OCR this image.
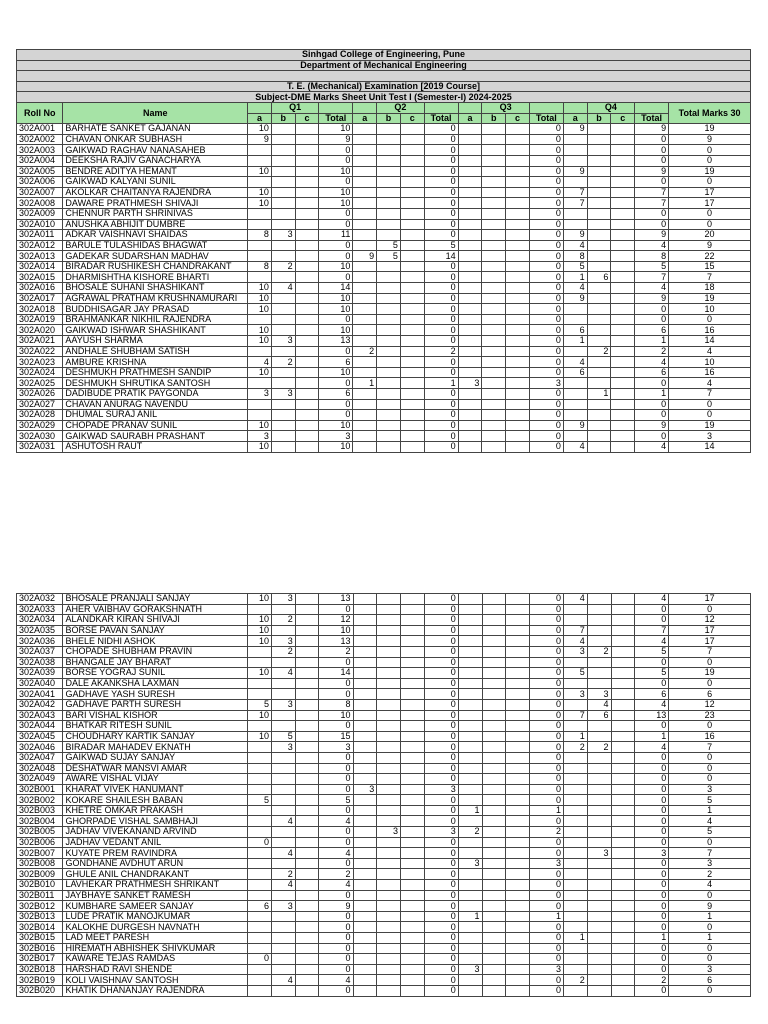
Sinhgad College of Engineering, Pune																		
Department of Mechanical Engineering																		

T. E. (Mechanical) Examination [2019 Course]																		
Subject-DME Marks Sheet Unit Test I (Semester-I) 2024-2025																		
Roll No	Name		Q1				Q2				Q3				Q4			Total Marks 30
		a	b	c	Total	a	b	c	Total	a	b	c	Total	a	b	c	Total	
302A001	BARHATE SANKET GAJANAN	10			10				0				0	9			9	19
302A002	CHAVAN ONKAR SUBHASH	9			9				0				0				0	9
302A003	GAIKWAD RAGHAV NANASAHEB				0				0				0				0	0
302A004	DEEKSHA RAJIV GANACHARYA				0				0				0				0	0
302A005	BENDRE ADITYA HEMANT	10			10				0				0	9			9	19
302A006	GAIKWAD KALYANI SUNIL				0				0				0				0	0
302A007	AKOLKAR CHAITANYA RAJENDRA	10			10				0				0	7			7	17
302A008	DAWARE PRATHMESH SHIVAJI	10			10				0				0	7			7	17
302A009	CHENNUR PARTH SHRINIVAS				0				0				0				0	0
302A010	ANUSHKA ABHIJIT DUMBRE				0				0				0				0	0
302A011	ADKAR VAISHNAVI SHAIDAS	8	3		11				0				0	9			9	20
302A012	BARULE TULASHIDAS BHAGWAT				0		5		5				0	4			4	9
302A013	GADEKAR SUDARSHAN MADHAV				0	9	5		14				0	8			8	22
302A014	BIRADAR RUSHIKESH CHANDRAKANT	8	2		10				0				0	5			5	15
302A015	DHARMISHTHA KISHORE BHARTI				0				0				0	1	6		7	7
302A016	BHOSALE SUHANI SHASHIKANT	10	4		14				0				0	4			4	18
302A017	AGRAWAL PRATHAM KRUSHNAMURARI	10			10				0				0	9			9	19
302A018	BUDDHISAGAR JAY PRASAD	10			10				0				0				0	10
302A019	BRAHMANKAR NIKHIL RAJENDRA				0				0				0				0	0
302A020	GAIKWAD ISHWAR SHASHIKANT	10			10				0				0	6			6	16
302A021	AAYUSH SHARMA	10	3		13				0				0	1			1	14
302A022	ANDHALE SHUBHAM SATISH				0	2			2				0		2		2	4
302A023	AMBURE KRISHNA	4	2		6				0				0	4			4	10
302A024	DESHMUKH PRATHMESH SANDIP	10			10				0				0	6			6	16
302A025	DESHMUKH SHRUTIKA SANTOSH				0	1			1	3			3				0	4
302A026	DADIBUDE PRATIK PAYGONDA	3	3		6				0				0		1		1	7
302A027	CHAVAN ANURAG NAVENDU				0				0				0				0	0
302A028	DHUMAL SURAJ ANIL				0				0				0				0	0
302A029	CHOPADE PRANAV SUNIL	10			10				0				0	9			9	19
302A030	GAIKWAD SAURABH PRASHANT	3			3				0				0				0	3
302A031	ASHUTOSH RAUT	10			10				0				0	4			4	14
302A032	BHOSALE PRANJALI SANJAY	10	3		13				0				0	4			4	17
302A033	AHER VAIBHAV GORAKSHNATH				0				0				0				0	0
302A034	ALANDKAR KIRAN SHIVAJI	10	2		12				0				0				0	12
302A035	BORSE PAVAN SANJAY	10			10				0				0	7			7	17
302A036	BHELE NIDHI ASHOK	10	3		13				0				0	4			4	17
302A037	CHOPADE SHUBHAM PRAVIN		2		2				0				0	3	2		5	7
302A038	BHANGALE JAY BHARAT				0				0				0				0	0
302A039	BORSE YOGRAJ SUNIL	10	4		14				0				0	5			5	19
302A040	DALE AKANKSHA LAXMAN				0				0				0				0	0
302A041	GADHAVE YASH SURESH				0				0				0	3	3		6	6
302A042	GADHAVE PARTH SURESH	5	3		8				0				0		4		4	12
302A043	BARI VISHAL KISHOR	10			10				0				0	7	6		13	23
302A044	BHATKAR RITESH SUNIL				0				0				0				0	0
302A045	CHOUDHARY KARTIK SANJAY	10	5		15				0				0	1			1	16
302A046	BIRADAR MAHADEV EKNATH		3		3				0				0	2	2		4	7
302A047	GAIKWAD SUJAY SANJAY				0				0				0				0	0
302A048	DESHATWAR MANSVI AMAR				0				0				0				0	0
302A049	AWARE VISHAL VIJAY				0				0				0				0	0
302B001	KHARAT VIVEK HANUMANT				0	3			3				0				0	3
302B002	KOKARE SHAILESH BABAN	5			5				0				0				0	5
302B003	KHETRE OMKAR PRAKASH				0				0	1			1				0	1
302B004	GHORPADE VISHAL SAMBHAJI		4		4				0				0				0	4
302B005	JADHAV VIVEKANAND ARVIND				0		3		3	2			2				0	5
302B006	JADHAV VEDANT ANIL	0			0				0				0				0	0
302B007	KUYATE PREM RAVINDRA		4		4				0				0		3		3	7
302B008	GONDHANE AVDHUT ARUN				0				0	3			3				0	3
302B009	GHULE ANIL CHANDRAKANT		2		2				0				0				0	2
302B010	LAVHEKAR PRATHMESH SHRIKANT		4		4				0				0				0	4
302B011	JAYBHAYE SANKET RAMESH				0				0				0				0	0
302B012	KUMBHARE SAMEER SANJAY	6	3		9				0				0				0	9
302B013	LUDE PRATIK MANOJKUMAR				0				0	1			1				0	1
302B014	KALOKHE DURGESH NAVNATH				0				0				0				0	0
302B015	LAD MEET PARESH				0				0				0	1			1	1
302B016	HIREMATH ABHISHEK SHIVKUMAR				0				0				0				0	0
302B017	KAWARE TEJAS RAMDAS	0			0				0				0				0	0
302B018	HARSHAD RAVI SHENDE				0				0	3			3				0	3
302B019	KOLI VAISHNAV SANTOSH		4		4				0				0	2			2	6
302B020	KHATIK DHANANJAY RAJENDRA				0				0				0				0	0
